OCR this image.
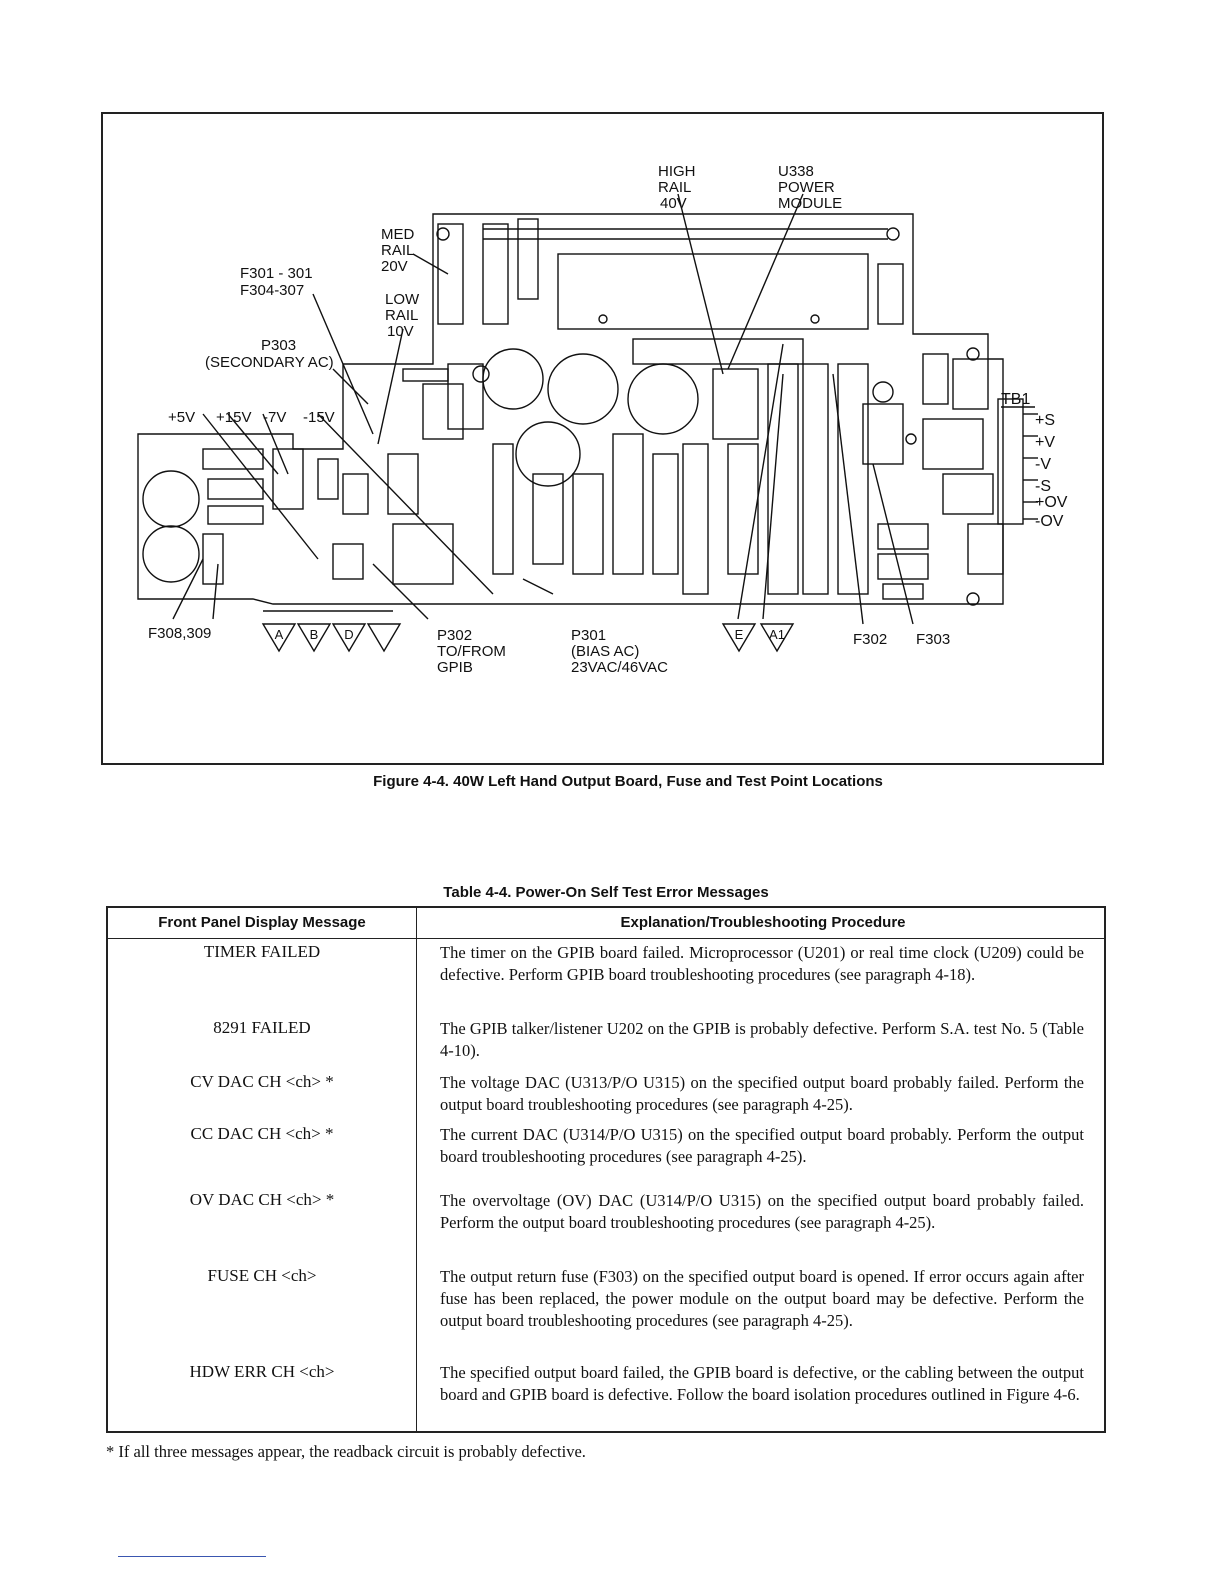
A B D	E A1
HIGH
RAIL
40V
U338
POWER
MODULE
MED
RAIL
20V
LOW
RAIL
10V
F301 - 301
F304-307
P303
(SECONDARY AC)
+5V +15V -7V -15V
F308,309	P302
TO/FROM
GPIB
P301
(BIAS AC)
23VAC/46VAC
F302 F303
TB1
+S
+V
-V
-S
+OV
-OV
Figure 4-4. 40W Left Hand Output Board, Fuse and Test Point Locations
Table 4-4. Power-On Self Test Error Messages
Front Panel Display Message	Explanation/Troubleshooting Procedure
TIMER FAILED	The timer on the GPIB board failed. Microprocessor (U201) or real time clock (U209) could be defective. Perform GPIB board troubleshooting procedures (see paragraph 4-18).
8291 FAILED	The GPIB talker/listener U202 on the GPIB is probably defective. Perform S.A. test No. 5 (Table 4-10).
CV DAC CH <ch> *	The voltage DAC (U313/P/O U315) on the specified output board probably failed. Perform the output board troubleshooting procedures (see paragraph 4-25).
CC DAC CH <ch> *	The current DAC (U314/P/O U315) on the specified output board probably. Perform the output board troubleshooting procedures (see paragraph 4-25).
OV DAC CH <ch> *	The overvoltage (OV) DAC (U314/P/O U315) on the specified output board probably failed. Perform the output board troubleshooting procedures (see paragraph 4-25).
FUSE CH <ch>	The output return fuse (F303) on the specified output board is opened. If error occurs again after fuse has been replaced, the power module on the output board may be defective. Perform the output board troubleshooting procedures (see paragraph 4-25).
HDW ERR CH <ch>	The specified output board failed, the GPIB board is defective, or the cabling between the output board and GPIB board is defective. Follow the board isolation procedures outlined in Figure 4-6.
* If all three messages appear, the readback circuit is probably defective.
